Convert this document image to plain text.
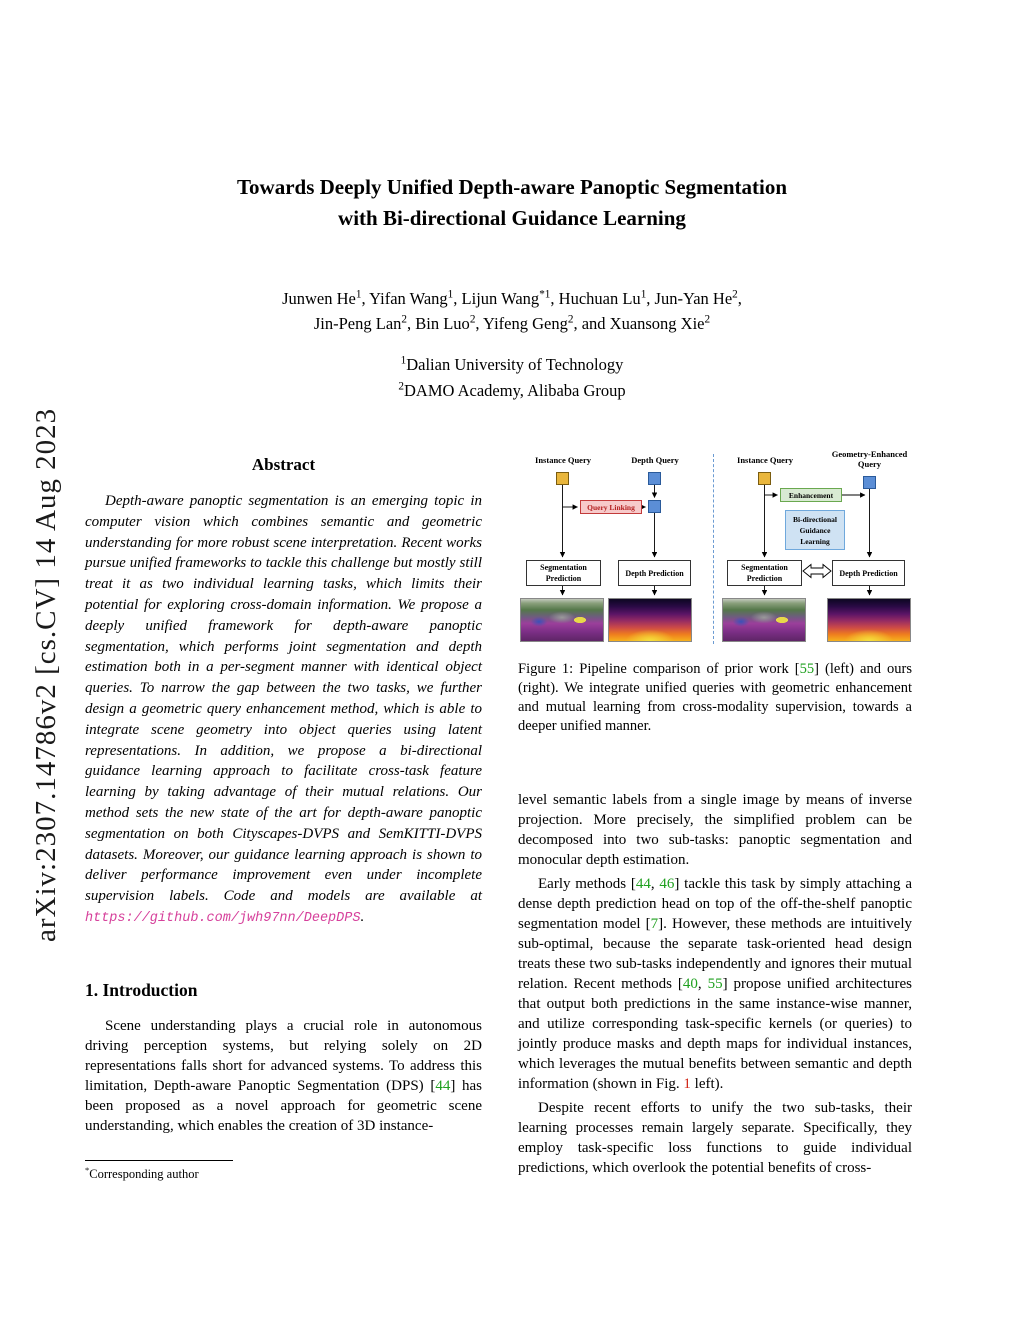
arXiv:2307.14786v2 [cs.CV] 14 Aug 2023
Towards Deeply Unified Depth-aware Panoptic Segmentation
with Bi-directional Guidance Learning
Junwen He$^1$, Yifan Wang$^1$, Lijun Wang$^{*1}$, Huchuan Lu$^1$, Jun-Yan He$^2$,
Jin-Peng Lan$^2$, Bin Luo$^2$, Yifeng Geng$^2$, and Xuansong Xie$^2$
$^1$Dalian University of Technology
$^2$DAMO Academy, Alibaba Group
Abstract
Depth-aware panoptic segmentation is an emerging topic in computer vision which combines semantic and geometric understanding for more robust scene interpretation. Recent works pursue unified frameworks to tackle this challenge but mostly still treat it as two individual learning tasks, which limits their potential for exploring cross-domain information. We propose a deeply unified framework for depth-aware panoptic segmentation, which performs joint segmentation and depth estimation both in a per-segment manner with identical object queries. To narrow the gap between the two tasks, we further design a geometric query enhancement method, which is able to integrate scene geometry into object queries using latent representations. In addition, we propose a bi-directional guidance learning approach to facilitate cross-task feature learning by taking advantage of their mutual relations. Our method sets the new state of the art for depth-aware panoptic segmentation on both Cityscapes-DVPS and SemKITTI-DVPS datasets. Moreover, our guidance learning approach is shown to deliver performance improvement even under incomplete supervision labels. Code and models are available at https://github.com/jwh97nn/DeepDPS.
1. Introduction
Scene understanding plays a crucial role in autonomous driving perception systems, but relying solely on 2D representations falls short for advanced systems. To address this limitation, Depth-aware Panoptic Segmentation (DPS) [44] has been proposed as a novel approach for geometric scene understanding, which enables the creation of 3D instance-
Instance Query	Depth Query	Instance Query
Geometry-Enhanced Query
Query Linking
Enhancement
Bi-directional Guidance Learning
Segmentation Prediction
Depth Prediction
Segmentation Prediction
Depth Prediction
Figure 1: Pipeline comparison of prior work [55] (left) and ours (right). We integrate unified queries with geometric enhancement and mutual learning from cross-modality supervision, towards a deeper unified manner.
level semantic labels from a single image by means of inverse projection. More precisely, the simplified problem can be decomposed into two sub-tasks: panoptic segmentation and monocular depth estimation.
Early methods [44, 46] tackle this task by simply attaching a dense depth prediction head on top of the off-the-shelf panoptic segmentation model [7]. However, these methods are intuitively sub-optimal, because the separate task-oriented head design treats these two sub-tasks independently and ignores their mutual relation. Recent methods [40, 55] propose unified architectures that output both predictions in the same instance-wise manner, and utilize corresponding task-specific kernels (or queries) to jointly produce masks and depth maps for individual instances, which leverages the mutual benefits between semantic and depth information (shown in Fig. 1 left).
Despite recent efforts to unify the two sub-tasks, their learning processes remain largely separate. Specifically, they employ task-specific loss functions to guide individual predictions, which overlook the potential benefits of cross-
*Corresponding author
